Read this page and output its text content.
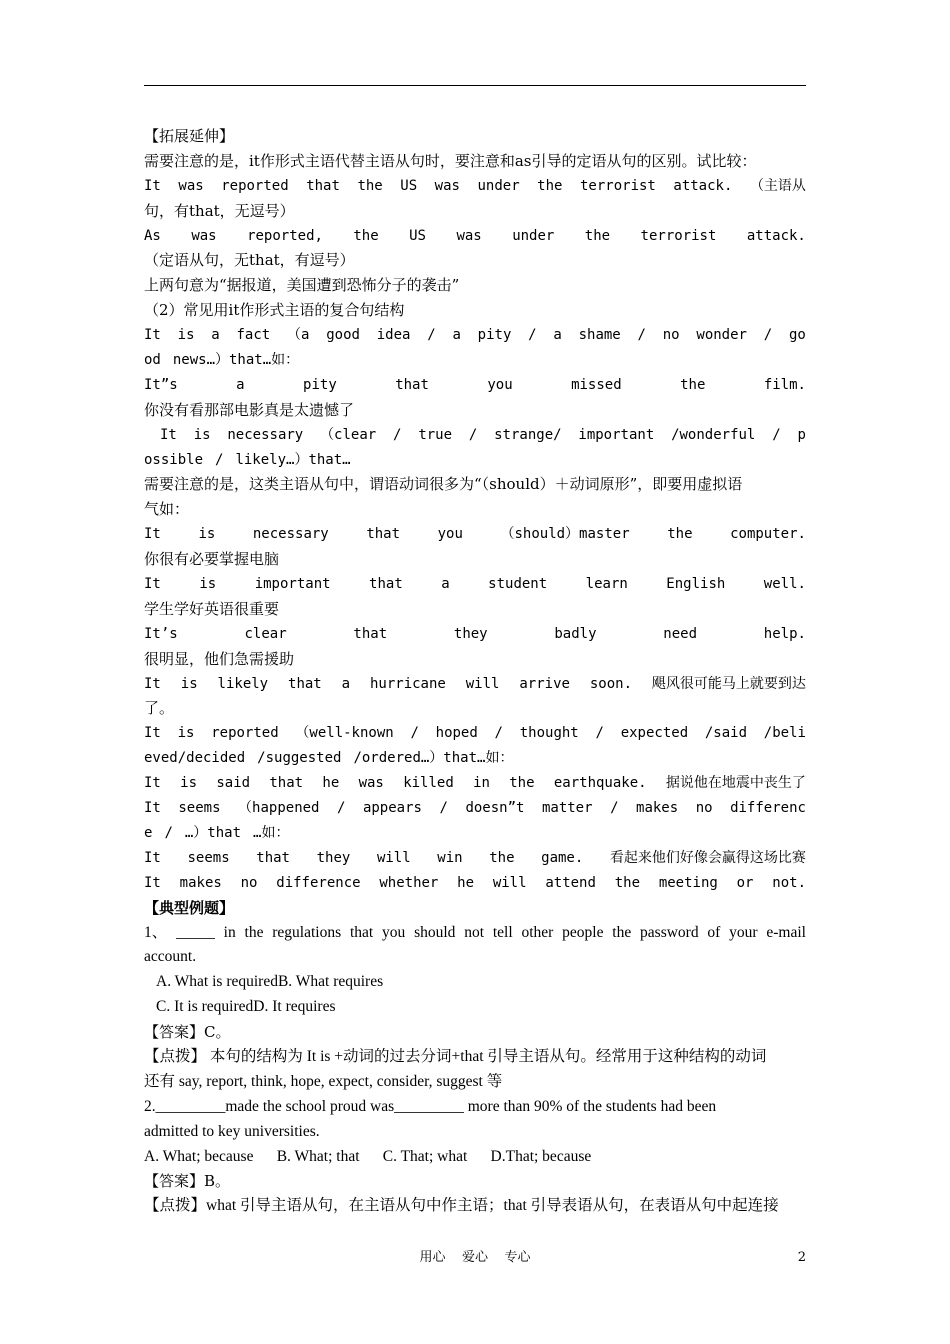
【拓展延伸】
需要注意的是，it作形式主语代替主语从句时，要注意和as引导的定语从句的区别。试比较：
It was reported that the US was under the terrorist attack. （主语从
句，有that，无逗号）
As was reported, the US was under the terrorist attack.
（定语从句，无that，有逗号）
上两句意为“据报道，美国遭到恐怖分子的袭击”
（2）常见用it作形式主语的复合句结构
It is a fact （a good idea / a pity / a shame / no wonder / go
od news…）that…如：
It”s	a	pity	that	you	missed	the	film.
你没有看那部电影真是太遗憾了
It is necessary （clear / true / strange/ important /wonderful / p
ossible / likely…）that…
需要注意的是，这类主语从句中，谓语动词很多为“（should）＋动词原形”，即要用虚拟语
气如：
It	is	necessary	that	you	（should）master	the	computer.
你很有必要掌握电脑
It	is	important	that	a	student	learn	English	well.
学生学好英语很重要
It’s	clear	that	they	badly	need	help.
很明显，他们急需援助
It is likely that a hurricane will arrive soon. 飓风很可能马上就要到达
了。
It is reported （well-known / hoped / thought / expected /said /beli
eved/decided /suggested /ordered…）that…如：
It is said that he was killed in the earthquake. 据说他在地震中丧生了
It seems （happened / appears / doesn”t matter / makes no differenc
e / …）that …如：
It seems that they will win the game. 看起来他们好像会赢得这场比赛
It makes no difference whether he will attend the meeting or not.
【典型例题】
1、 _____ in the regulations that you should not tell other people the password of your e-mail
account.
A. What is requiredB. What requires
C. It is requiredD. It requires
【答案】C。
【点拨】 本句的结构为 It is +动词的过去分词+that 引导主语从句。经常用于这种结构的动词
还有 say, report, think, hope, expect, consider, suggest 等
2._________made the school proud was_________ more than 90% of the students had been
admitted to key universities.
A. What; because      B. What; that      C. That; what      D.That; because
【答案】B。
【点拨】what 引导主语从句，在主语从句中作主语；that 引导表语从句，在表语从句中起连接
用心    爱心    专心	2
